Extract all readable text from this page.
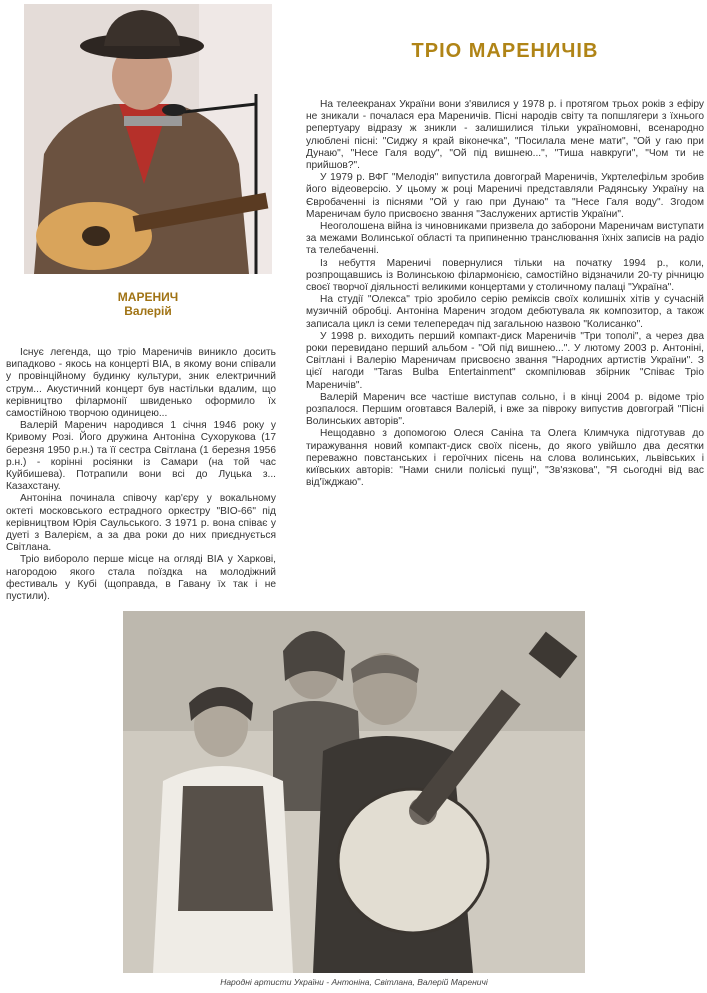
МАРЕНИЧ
Валерій
ТРІО МАРЕНИЧІВ

Існує легенда, що тріо Мареничів виникло досить випадково - якось на концерті ВІА, в якому вони співали у провінційному будинку культури, зник електричний струм... Акустичний концерт був настільки вдалим, що керівництво філармонії швиденько оформило їх самостійною творчою одиницею...

Валерій Маренич народився 1 січня 1946 року у Кривому Розі. Його дружина Антоніна Сухорукова (17 березня 1950 р.н.) та її сестра Світлана (1 березня 1956 р.н.) - корінні росіянки із Самари (на той час Куйбишева). Потрапили вони всі до Луцька з... Казахстану.

Антоніна починала співочу кар'єру у вокальному октеті московського естрадного оркестру "ВІО-66" під керівництвом Юрія Саульського. З 1971 р. вона співає у дуеті з Валерієм, а за два роки до них приєднується Світлана.

Тріо виборолo перше місце на огляді ВІА у Харкові, нагородою якого стала поїздка на молодіжний фестиваль у Кубі (щоправда, в Гавану їх так і не пустили).

На телеекранах України вони з'явилися у 1978 р. і протягом трьох років з ефіру не зникали - почалася ера Мареничів. Пісні народів світу та попшлягери з їхнього репертуару відразу ж зникли - залишилися тільки україномовні, всенародно улюблені пісні: "Сиджу я край віконечка", "Посилала мене мати", "Ой у гаю при Дунаю", "Несе Галя воду", "Ой під вишнею...", "Тиша навкруги", "Чом ти не прийшов?".

У 1979 р. ВФГ "Мелодія" випустила довгограй Мареничів, Укртелефільм зробив його відеоверсію. У цьому ж році Мареничі представляли Радянську Україну на Євробаченні із піснями "Ой у гаю при Дунаю" та "Несе Галя воду". Згодом Мареничам було присвоєно звання "Заслужених артистів України".

Неоголошена війна із чиновниками призвела до заборони Мареничам виступати за межами Волинської області та припиненню транслювання їхніх записів на радіо та телебаченні.

Із небуття Мареничі повернулися тільки на початку 1994 р., коли, розпрощавшись із Волинською філармонією, самостійно відзначили 20-ту річницю своєї творчої діяльності великими концертами у столичному палаці "Україна".

На студії "Олекса" тріо зробило серію ремікcів своїх колишніх хітів у сучасній музичній обробці. Антоніна Маренич згодом дебютувала як композитор, а також записала цикл із семи телепередач під загальною назвою "Колисанко".

У 1998 р. виходить перший компакт-диск Мареничів "Три тополі", а через два роки перевидано перший альбом - "Ой під вишнею...". У лютому 2003 р. Антоніні, Світлані і Валерію Мареничам присвоєно звання "Народних артистів України". З цієї нагоди "Taras Bulba Entertainment" скомпілював збірник "Співає Тріо Мареничів".

Валерій Маренич все частіше виступав сольно, і в кінці 2004 р. відоме тріо розпалося. Першим оговтався Валерій, і вже за півроку випустив довгограй "Пісні Волинських авторів".

Нещодавно з допомогою Олеся Саніна та Олега Климчука підготував до тиражування новий компакт-диск своїх пісень, до якого увійшло два десятки переважно повстанських і героїчних пісень на слова волинських, львівських і київських авторів: "Нами снили поліські пущі", "Зв'язкова", "Я сьогодні від вас від'їжджаю".

Народні артисти України - Антоніна, Світлана, Валерій Мареничі
